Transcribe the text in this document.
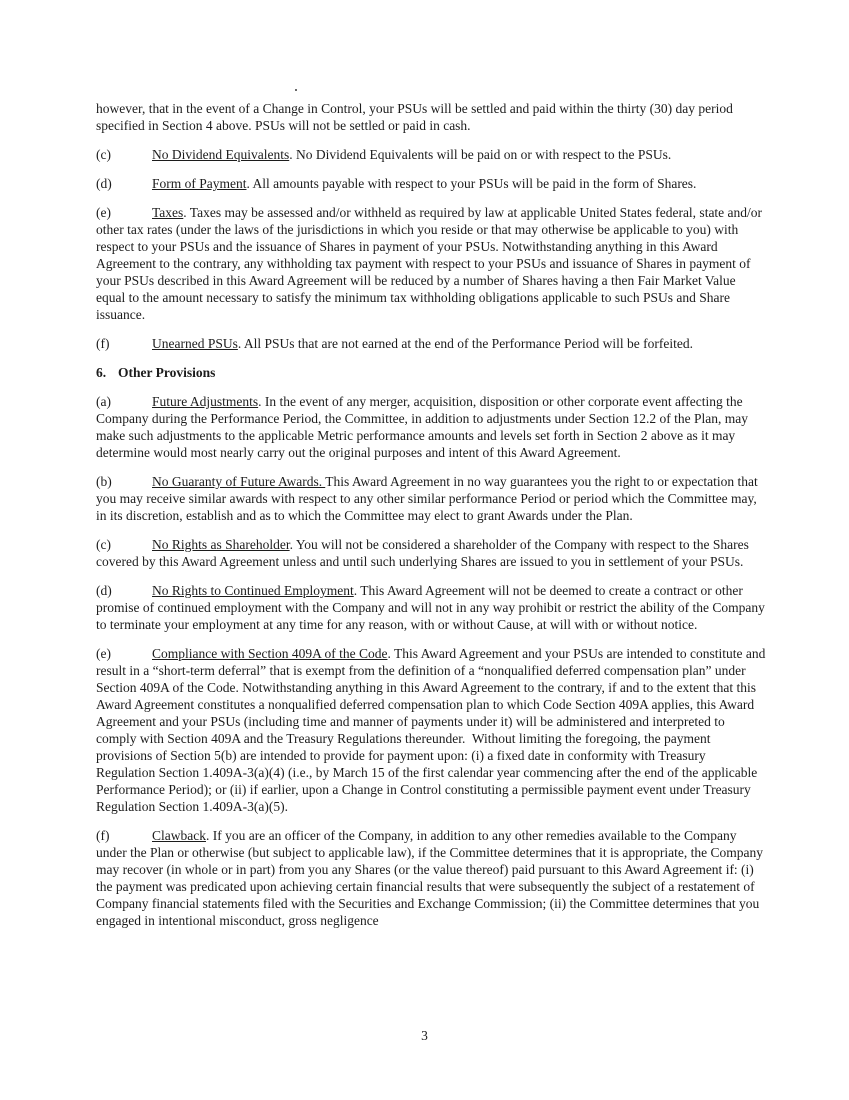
however, that in the event of a Change in Control, your PSUs will be settled and paid within the thirty (30) day period specified in Section 4 above. PSUs will not be settled or paid in cash.

(c)	No Dividend Equivalents. No Dividend Equivalents will be paid on or with respect to the PSUs.

(d)	Form of Payment. All amounts payable with respect to your PSUs will be paid in the form of Shares.

(e)	Taxes. Taxes may be assessed and/or withheld as required by law at applicable United States federal, state and/or other tax rates (under the laws of the jurisdictions in which you reside or that may otherwise be applicable to you) with respect to your PSUs and the issuance of Shares in payment of your PSUs. Notwithstanding anything in this Award Agreement to the contrary, any withholding tax payment with respect to your PSUs and issuance of Shares in payment of your PSUs described in this Award Agreement will be reduced by a number of Shares having a then Fair Market Value equal to the amount necessary to satisfy the minimum tax withholding obligations applicable to such PSUs and Share issuance.

(f)	Unearned PSUs. All PSUs that are not earned at the end of the Performance Period will be forfeited.

6. Other Provisions

(a)	Future Adjustments. In the event of any merger, acquisition, disposition or other corporate event affecting the Company during the Performance Period, the Committee, in addition to adjustments under Section 12.2 of the Plan, may make such adjustments to the applicable Metric performance amounts and levels set forth in Section 2 above as it may determine would most nearly carry out the original purposes and intent of this Award Agreement.

(b)	No Guaranty of Future Awards. This Award Agreement in no way guarantees you the right to or expectation that you may receive similar awards with respect to any other similar performance Period or period which the Committee may, in its discretion, establish and as to which the Committee may elect to grant Awards under the Plan.

(c)	No Rights as Shareholder. You will not be considered a shareholder of the Company with respect to the Shares covered by this Award Agreement unless and until such underlying Shares are issued to you in settlement of your PSUs.

(d)	No Rights to Continued Employment. This Award Agreement will not be deemed to create a contract or other promise of continued employment with the Company and will not in any way prohibit or restrict the ability of the Company to terminate your employment at any time for any reason, with or without Cause, at will with or without notice.

(e)	Compliance with Section 409A of the Code. This Award Agreement and your PSUs are intended to constitute and result in a “short-term deferral” that is exempt from the definition of a “nonqualified deferred compensation plan” under Section 409A of the Code. Notwithstanding anything in this Award Agreement to the contrary, if and to the extent that this Award Agreement constitutes a nonqualified deferred compensation plan to which Code Section 409A applies, this Award Agreement and your PSUs (including time and manner of payments under it) will be administered and interpreted to comply with Section 409A and the Treasury Regulations thereunder.  Without limiting the foregoing, the payment provisions of Section 5(b) are intended to provide for payment upon: (i) a fixed date in conformity with Treasury Regulation Section 1.409A-3(a)(4) (i.e., by March 15 of the first calendar year commencing after the end of the applicable Performance Period); or (ii) if earlier, upon a Change in Control constituting a permissible payment event under Treasury Regulation Section 1.409A-3(a)(5).

(f)	Clawback. If you are an officer of the Company, in addition to any other remedies available to the Company under the Plan or otherwise (but subject to applicable law), if the Committee determines that it is appropriate, the Company may recover (in whole or in part) from you any Shares (or the value thereof) paid pursuant to this Award Agreement if: (i) the payment was predicated upon achieving certain financial results that were subsequently the subject of a restatement of Company financial statements filed with the Securities and Exchange Commission; (ii) the Committee determines that you engaged in intentional misconduct, gross negligence

3
